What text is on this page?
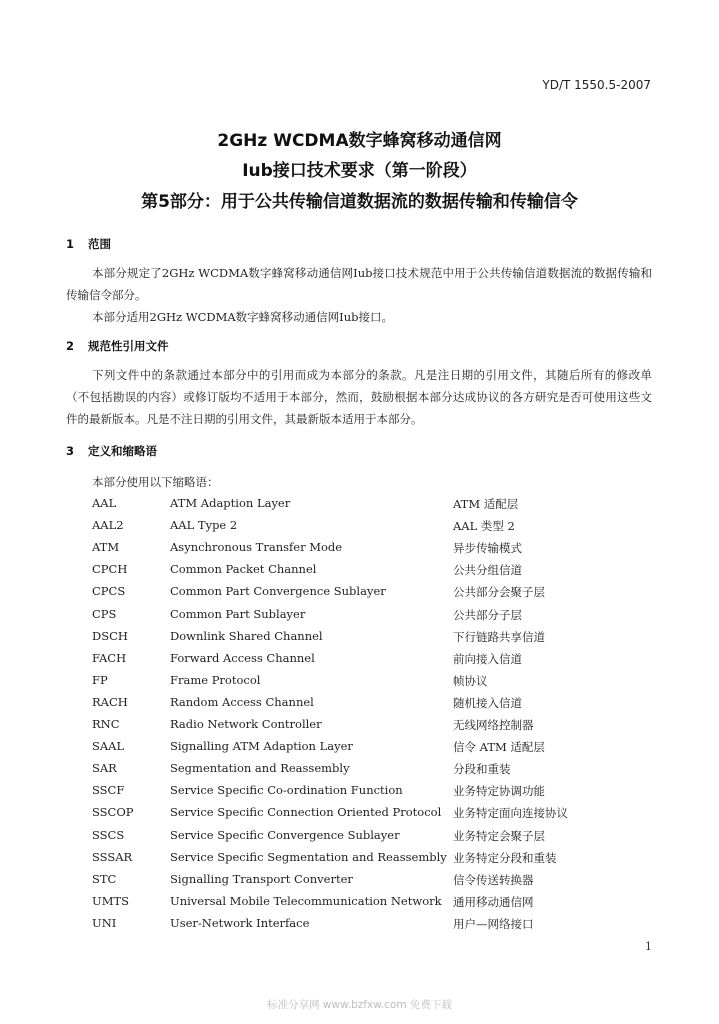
YD/T 1550.5-2007
2GHz WCDMA数字蜂窝移动通信网
Iub接口技术要求（第一阶段）
第5部分：用于公共传输信道数据流的数据传输和传输信令
1 范围
本部分规定了2GHz WCDMA数字蜂窝移动通信网Iub接口技术规范中用于公共传输信道数据流的数据传输和传输信令部分。
本部分适用2GHz WCDMA数字蜂窝移动通信网Iub接口。
2 规范性引用文件
下列文件中的条款通过本部分中的引用而成为本部分的条款。凡是注日期的引用文件，其随后所有的修改单（不包括勘误的内容）或修订版均不适用于本部分，然而，鼓励根据本部分达成协议的各方研究是否可使用这些文件的最新版本。凡是不注日期的引用文件，其最新版本适用于本部分。
3 定义和缩略语
本部分使用以下缩略语：
AAL	ATM Adaption Layer	ATM 适配层
AAL2	AAL Type 2	AAL 类型 2
ATM	Asynchronous Transfer Mode	异步传输模式
CPCH	Common Packet Channel	公共分组信道
CPCS	Common Part Convergence Sublayer	公共部分会聚子层
CPS	Common Part Sublayer	公共部分子层
DSCH	Downlink Shared Channel	下行链路共享信道
FACH	Forward Access Channel	前向接入信道
FP	Frame Protocol	帧协议
RACH	Random Access Channel	随机接入信道
RNC	Radio Network Controller	无线网络控制器
SAAL	Signalling ATM Adaption Layer	信令 ATM 适配层
SAR	Segmentation and Reassembly	分段和重装
SSCF	Service Specific Co-ordination Function	业务特定协调功能
SSCOP	Service Specific Connection Oriented Protocol 业务特定面向连接协议
SSCS	Service Specific Convergence Sublayer	业务特定会聚子层
SSSAR	Service Specific Segmentation and Reassembly 业务特定分段和重装
STC	Signalling Transport Converter	信令传送转换器
UMTS	Universal Mobile Telecommunication Network 通用移动通信网
UNI	User-Network Interface	用户—网络接口
1
标准分享网 www.bzfxw.com 免费下载
